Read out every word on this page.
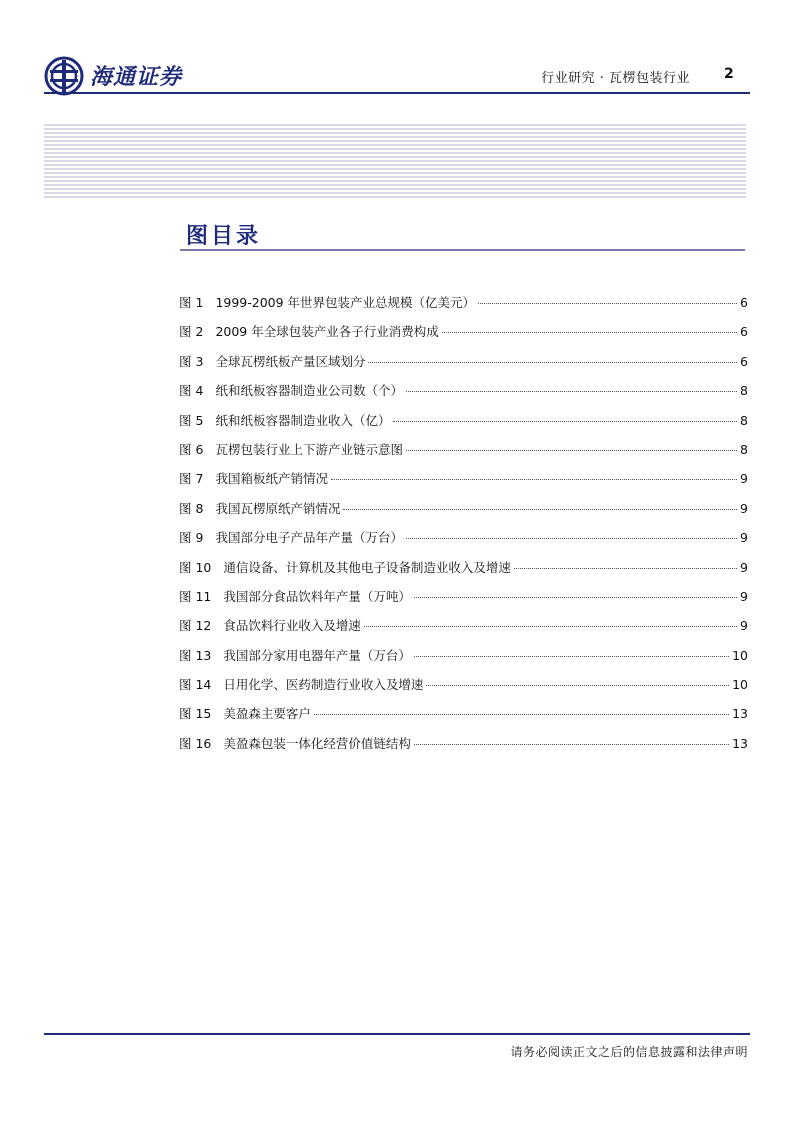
海通证券	行业研究 · 瓦楞包装行业 2
图目录
图 1 1999-2009 年世界包装产业总规模（亿美元）	6
图 2 2009 年全球包装产业各子行业消费构成	6
图 3 全球瓦楞纸板产量区域划分	6
图 4 纸和纸板容器制造业公司数（个）	8
图 5 纸和纸板容器制造业收入（亿）	8
图 6 瓦楞包装行业上下游产业链示意图	8
图 7 我国箱板纸产销情况	9
图 8 我国瓦楞原纸产销情况	9
图 9 我国部分电子产品年产量（万台）	9
图 10 通信设备、计算机及其他电子设备制造业收入及增速	9
图 11 我国部分食品饮料年产量（万吨）	9
图 12 食品饮料行业收入及增速	9
图 13 我国部分家用电器年产量（万台）	10
图 14 日用化学、医药制造行业收入及增速	10
图 15 美盈森主要客户	13
图 16 美盈森包装一体化经营价值链结构	13
请务必阅读正文之后的信息披露和法律声明
